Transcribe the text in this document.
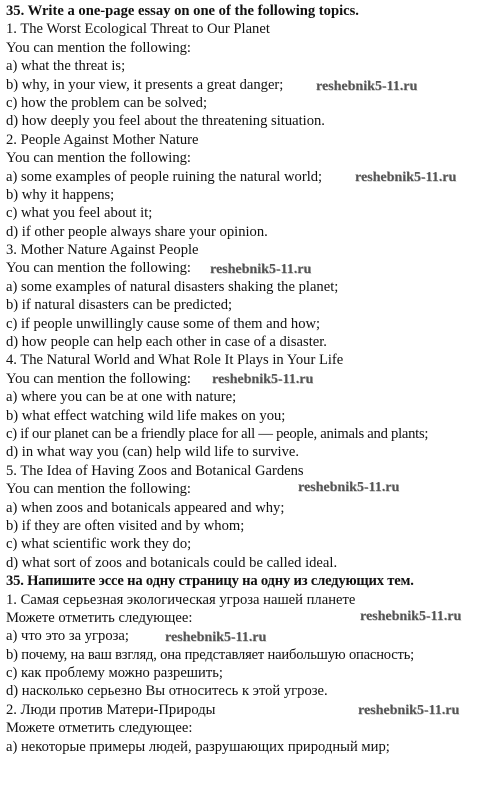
35. Write a one-page essay on one of the following topics.
1. The Worst Ecological Threat to Our Planet
You can mention the following:
a) what the threat is;
b) why, in your view, it presents a great danger;
c) how the problem can be solved;
d) how deeply you feel about the threatening situation.
2. People Against Mother Nature
You can mention the following:
a) some examples of people ruining the natural world;
b) why it happens;
c) what you feel about it;
d) if other people always share your opinion.
3. Mother Nature Against People
You can mention the following:
a) some examples of natural disasters shaking the planet;
b) if natural disasters can be predicted;
c) if people unwillingly cause some of them and how;
d) how people can help each other in case of a disaster.
4. The Natural World and What Role It Plays in Your Life
You can mention the following:
a) where you can be at one with nature;
b) what effect watching wild life makes on you;
c) if our planet can be a friendly place for all — people, animals and plants;
d) in what way you (can) help wild life to survive.
5. The Idea of Having Zoos and Botanical Gardens
You can mention the following:
a) when zoos and botanicals appeared and why;
b) if they are often visited and by whom;
c) what scientific work they do;
d) what sort of zoos and botanicals could be called ideal.
35. Напишите эссе на одну страницу на одну из следующих тем.
1. Самая серьезная экологическая угроза нашей планете
Можете отметить следующее:
а) что это за угроза;
b) почему, на ваш взгляд, она представляет наибольшую опасность;
c) как проблему можно разрешить;
d) насколько серьезно Вы относитесь к этой угрозе.
2. Люди против Матери-Природы
Можете отметить следующее:
а) некоторые примеры людей, разрушающих природный мир;
reshebnik5-11.ru
reshebnik5-11.ru
reshebnik5-11.ru
reshebnik5-11.ru
reshebnik5-11.ru
reshebnik5-11.ru
reshebnik5-11.ru
reshebnik5-11.ru
